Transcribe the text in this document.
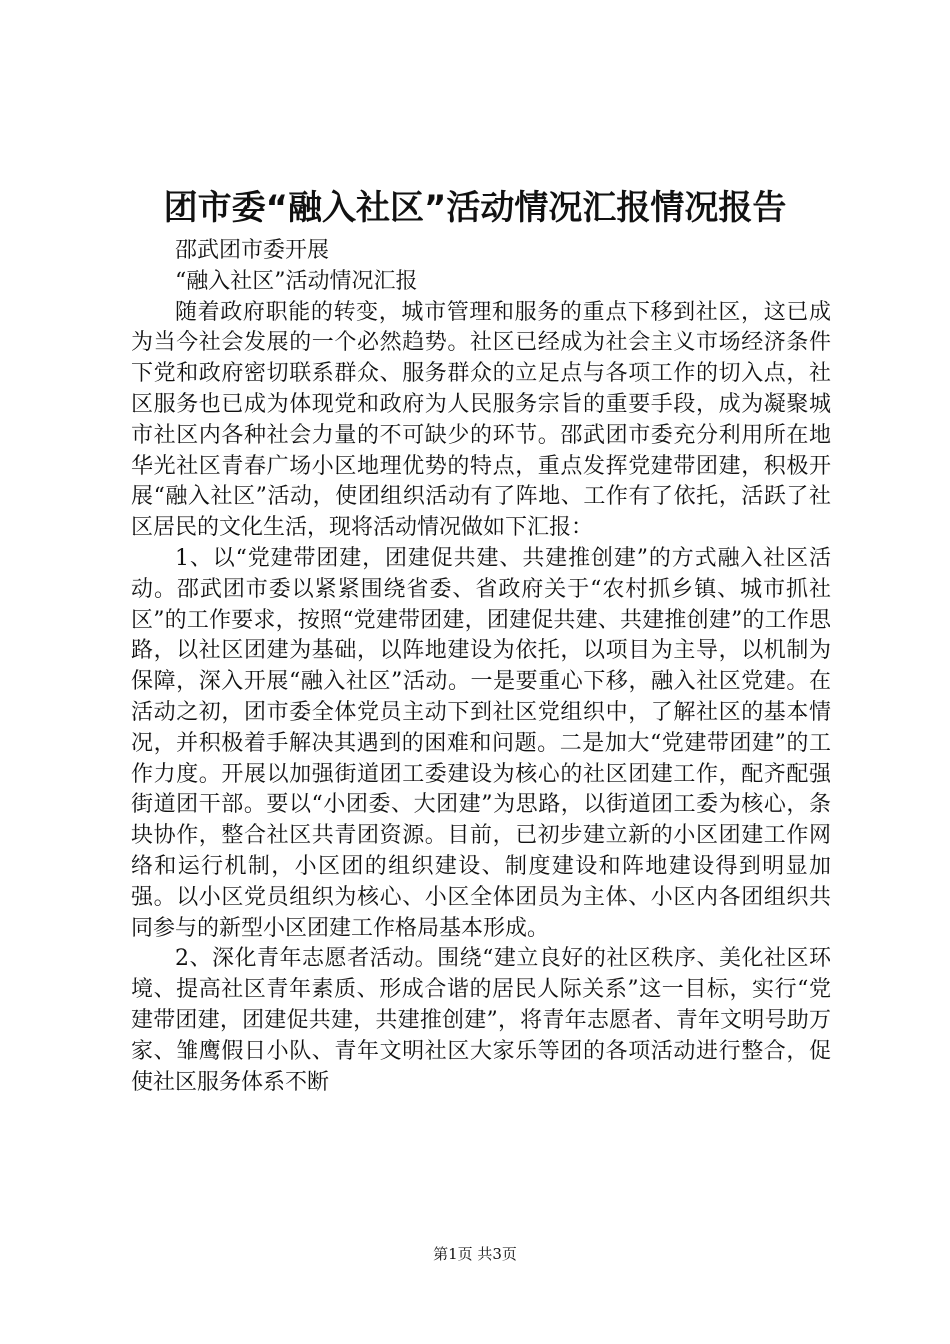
团市委“融入社区”活动情况汇报情况报告

邵武团市委开展

“融入社区”活动情况汇报

随着政府职能的转变，城市管理和服务的重点下移到社区，这已成为当今社会发展的一个必然趋势。社区已经成为社会主义市场经济条件下党和政府密切联系群众、服务群众的立足点与各项工作的切入点，社区服务也已成为体现党和政府为人民服务宗旨的重要手段，成为凝聚城市社区内各种社会力量的不可缺少的环节。邵武团市委充分利用所在地华光社区青春广场小区地理优势的特点，重点发挥党建带团建，积极开展“融入社区”活动，使团组织活动有了阵地、工作有了依托，活跃了社区居民的文化生活，现将活动情况做如下汇报：

1、以“党建带团建，团建促共建、共建推创建”的方式融入社区活动。邵武团市委以紧紧围绕省委、省政府关于“农村抓乡镇、城市抓社区”的工作要求，按照“党建带团建，团建促共建、共建推创建”的工作思路，以社区团建为基础，以阵地建设为依托，以项目为主导，以机制为保障，深入开展“融入社区”活动。一是要重心下移，融入社区党建。在活动之初，团市委全体党员主动下到社区党组织中，了解社区的基本情况，并积极着手解决其遇到的困难和问题。二是加大“党建带团建”的工作力度。开展以加强街道团工委建设为核心的社区团建工作，配齐配强街道团干部。要以“小团委、大团建”为思路，以街道团工委为核心，条块协作，整合社区共青团资源。目前，已初步建立新的小区团建工作网络和运行机制，小区团的组织建设、制度建设和阵地建设得到明显加强。以小区党员组织为核心、小区全体团员为主体、小区内各团组织共同参与的新型小区团建工作格局基本形成。

2、深化青年志愿者活动。围绕“建立良好的社区秩序、美化社区环境、提高社区青年素质、形成合谐的居民人际关系”这一目标，实行“党建带团建，团建促共建，共建推创建”，将青年志愿者、青年文明号助万家、雏鹰假日小队、青年文明社区大家乐等团的各项活动进行整合，促使社区服务体系不断

第1页 共3页
